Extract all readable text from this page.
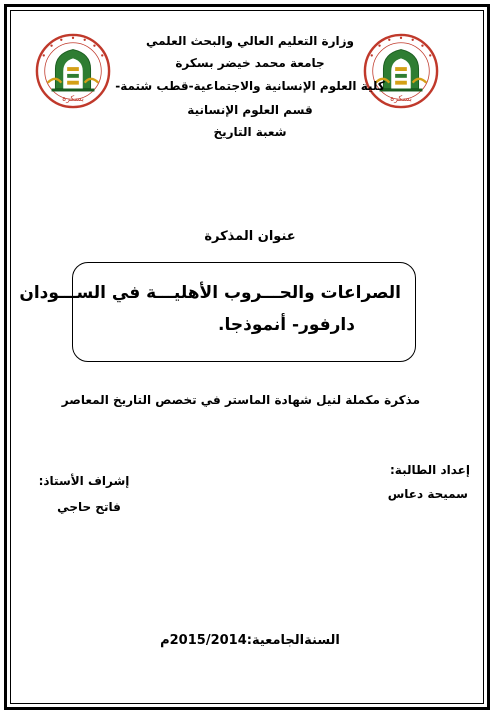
بسكرة	بسكرة
وزارة التعليم العالي والبحث العلمي
جامعة محمد خيضر بسكرة
كلية العلوم الإنسانية والاجتماعية-قطب شتمة-
قسم العلوم الإنسانية
شعبة التاريخ
عنوان المذكرة
الصراعات والحـــروب الأهليـــة في الســـودان
دارفور- أنموذجا.
مذكرة مكملة لنيل شهادة الماستر في تخصص التاريخ المعاصر
إعداد الطالبة:
سميحة دعاس
إشراف الأستاذ:
فاتح حاجي
السنةالجامعية:2015/2014م
